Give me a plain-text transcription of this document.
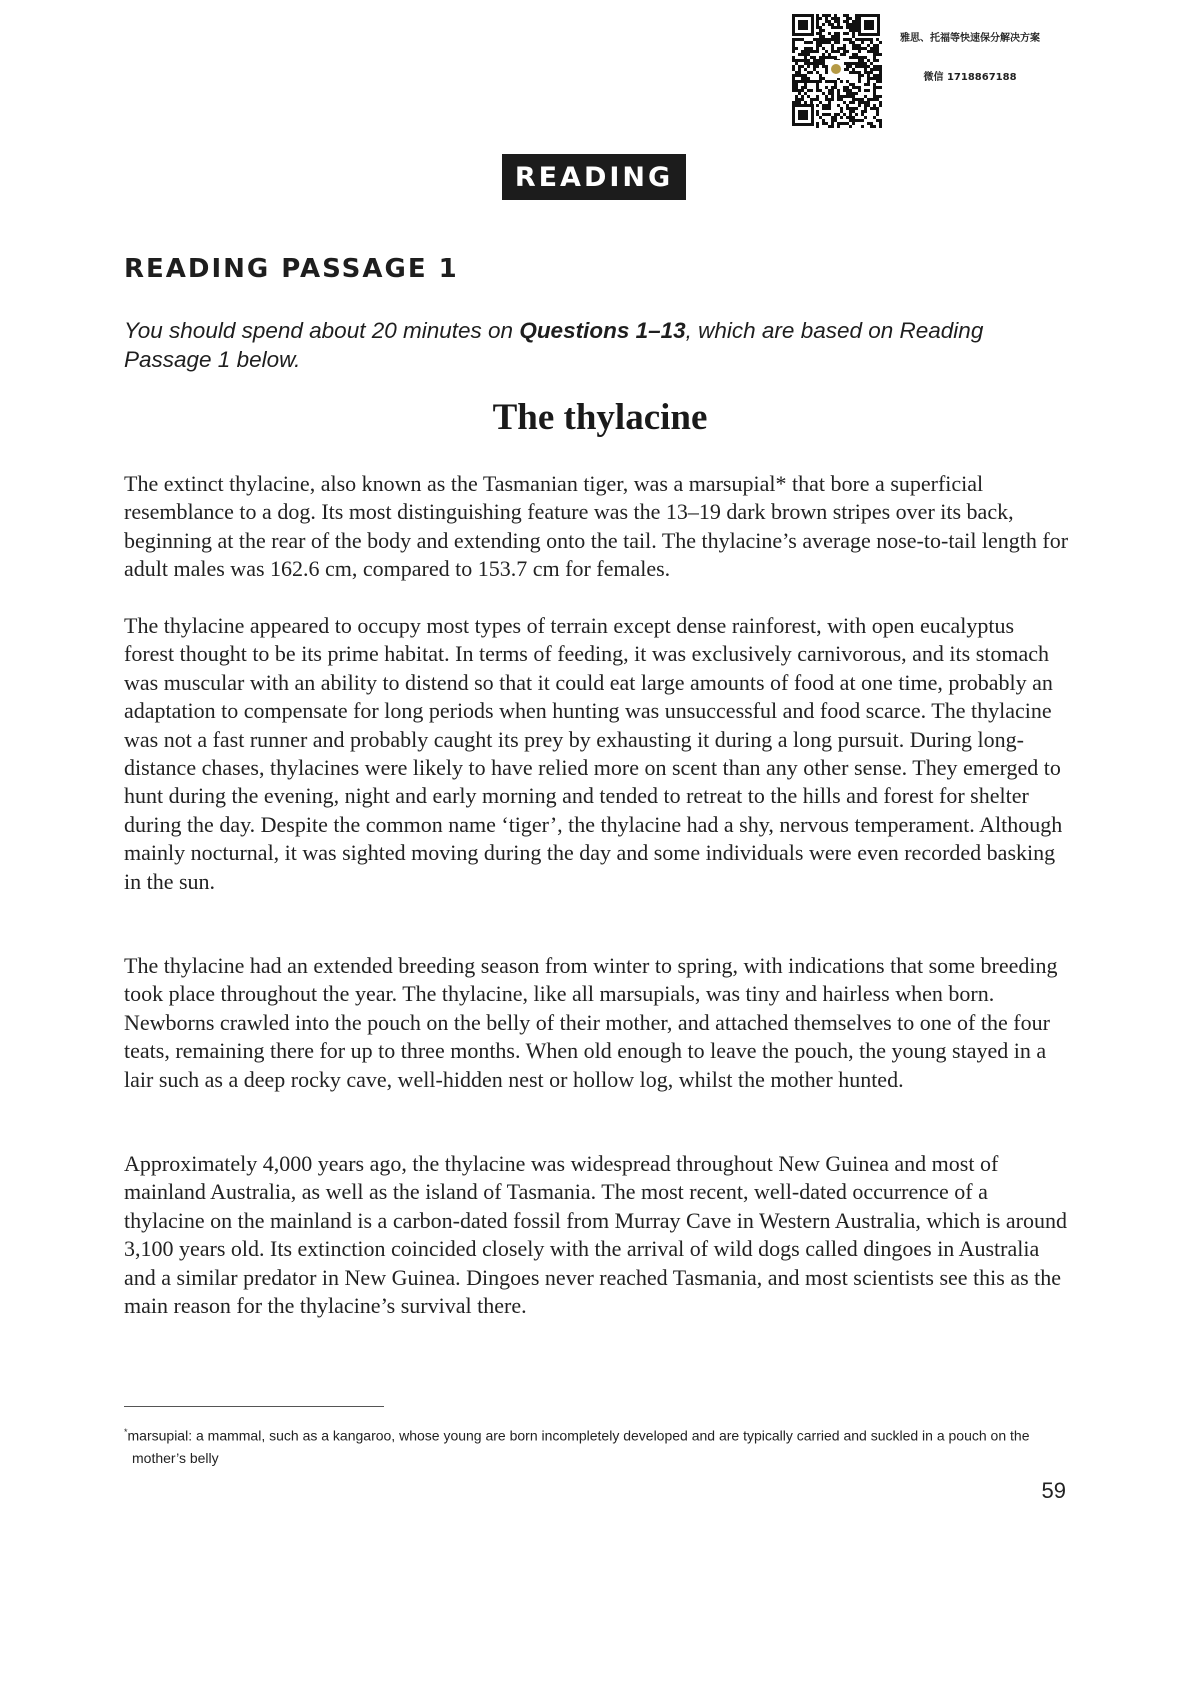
雅思、托福等快速保分解决方案
微信 1718867188
READING
READING PASSAGE 1

You should spend about 20 minutes on Questions 1–13, which are based on Reading Passage 1 below.

The thylacine

The extinct thylacine, also known as the Tasmanian tiger, was a marsupial* that bore a superficial resemblance to a dog. Its most distinguishing feature was the 13–19 dark brown stripes over its back, beginning at the rear of the body and extending onto the tail. The thylacine’s average nose-to-tail length for adult males was 162.6 cm, compared to 153.7 cm for females.

The thylacine appeared to occupy most types of terrain except dense rainforest, with open eucalyptus forest thought to be its prime habitat. In terms of feeding, it was exclusively carnivorous, and its stomach was muscular with an ability to distend so that it could eat large amounts of food at one time, probably an adaptation to compensate for long periods when hunting was unsuccessful and food scarce. The thylacine was not a fast runner and probably caught its prey by exhausting it during a long pursuit. During long-distance chases, thylacines were likely to have relied more on scent than any other sense. They emerged to hunt during the evening, night and early morning and tended to retreat to the hills and forest for shelter during the day. Despite the common name ‘tiger’, the thylacine had a shy, nervous temperament. Although mainly nocturnal, it was sighted moving during the day and some individuals were even recorded basking in the sun.

The thylacine had an extended breeding season from winter to spring, with indications that some breeding took place throughout the year. The thylacine, like all marsupials, was tiny and hairless when born. Newborns crawled into the pouch on the belly of their mother, and attached themselves to one of the four teats, remaining there for up to three months. When old enough to leave the pouch, the young stayed in a lair such as a deep rocky cave, well-hidden nest or hollow log, whilst the mother hunted.

Approximately 4,000 years ago, the thylacine was widespread throughout New Guinea and most of mainland Australia, as well as the island of Tasmania. The most recent, well-dated occurrence of a thylacine on the mainland is a carbon-dated fossil from Murray Cave in Western Australia, which is around 3,100 years old. Its extinction coincided closely with the arrival of wild dogs called dingoes in Australia and a similar predator in New Guinea. Dingoes never reached Tasmania, and most scientists see this as the main reason for the thylacine’s survival there.

*marsupial: a mammal, such as a kangaroo, whose young are born incompletely developed and are typically carried and suckled in a pouch on the mother’s belly

59
